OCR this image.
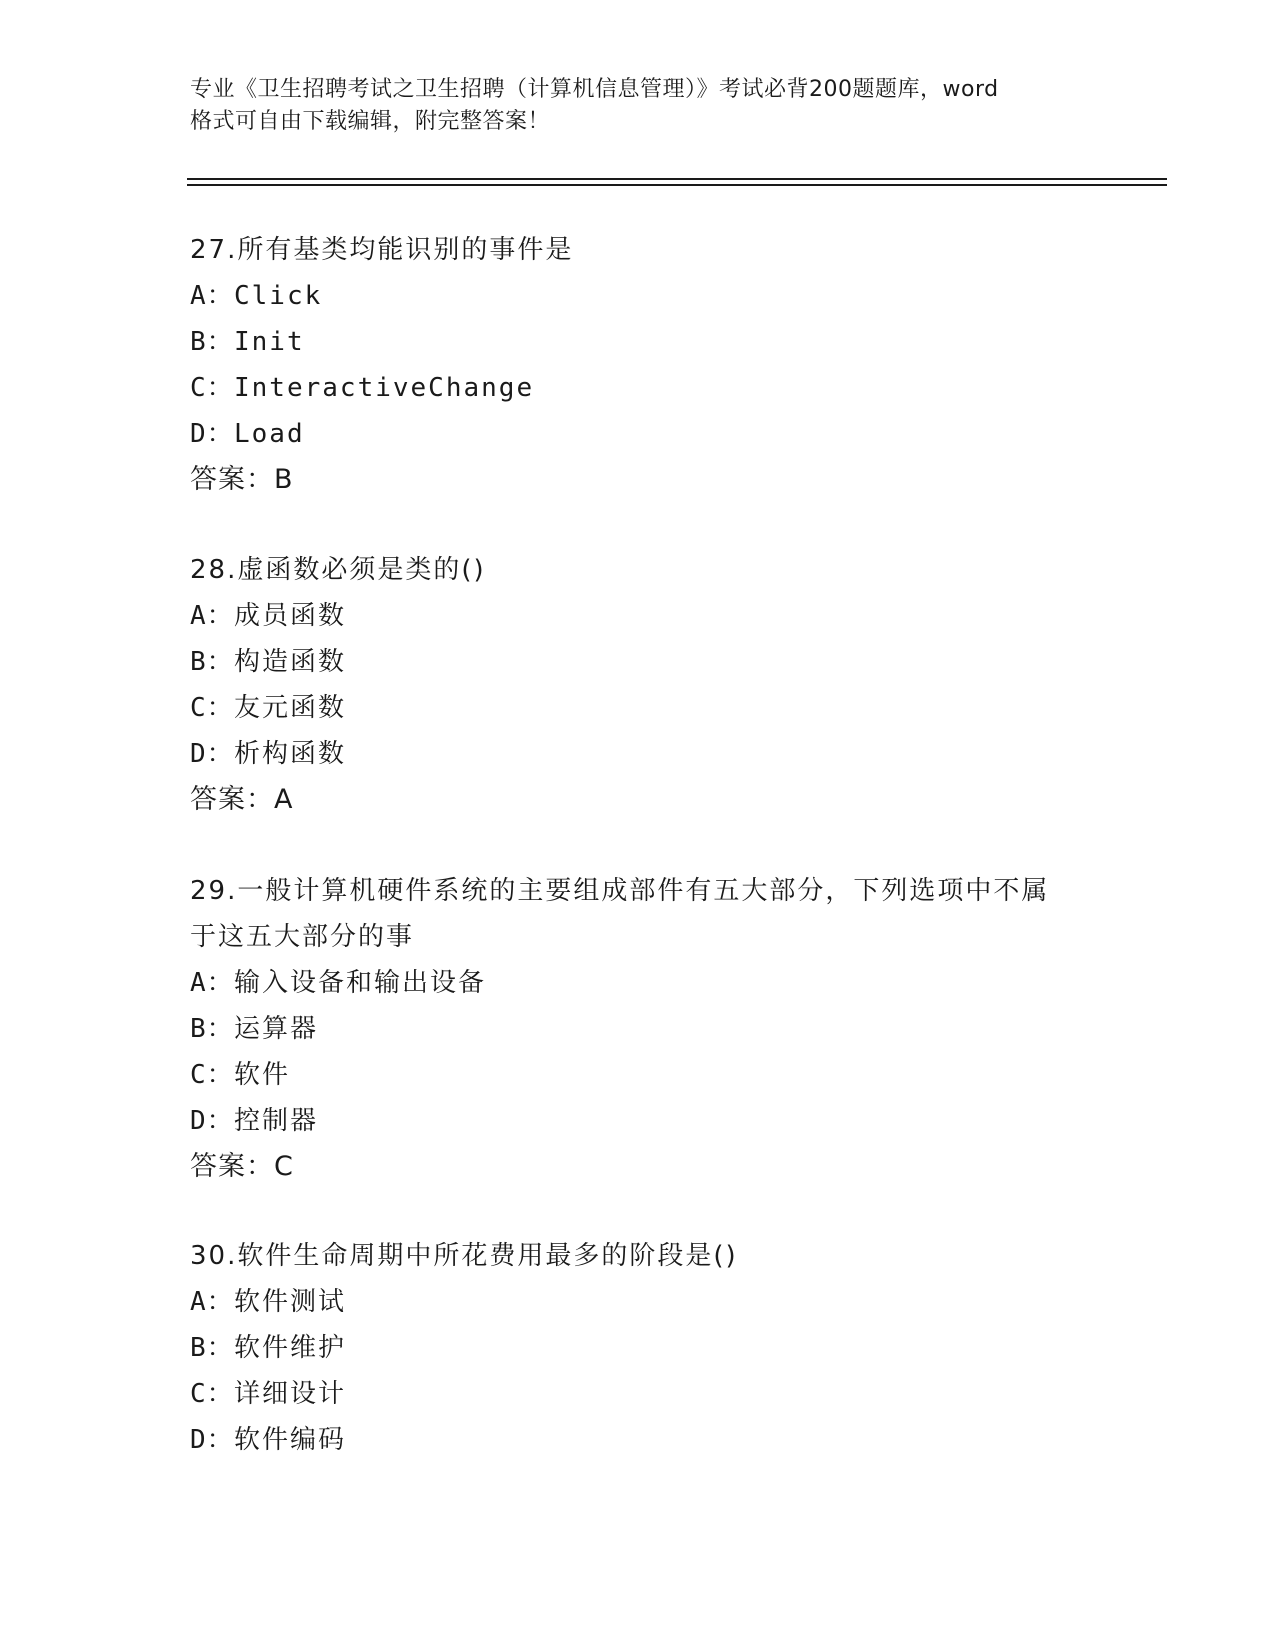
专业《卫生招聘考试之卫生招聘（计算机信息管理）》考试必背200题题库，word
格式可自由下载编辑，附完整答案！
27.所有基类均能识别的事件是
A：Click
B：Init
C：InteractiveChange
D：Load
答案：B
28.虚函数必须是类的()
A：成员函数
B：构造函数
C：友元函数
D：析构函数
答案：A
29.一般计算机硬件系统的主要组成部件有五大部分，下列选项中不属
于这五大部分的事
A：输入设备和输出设备
B：运算器
C：软件
D：控制器
答案：C
30.软件生命周期中所花费用最多的阶段是()
A：软件测试
B：软件维护
C：详细设计
D：软件编码
